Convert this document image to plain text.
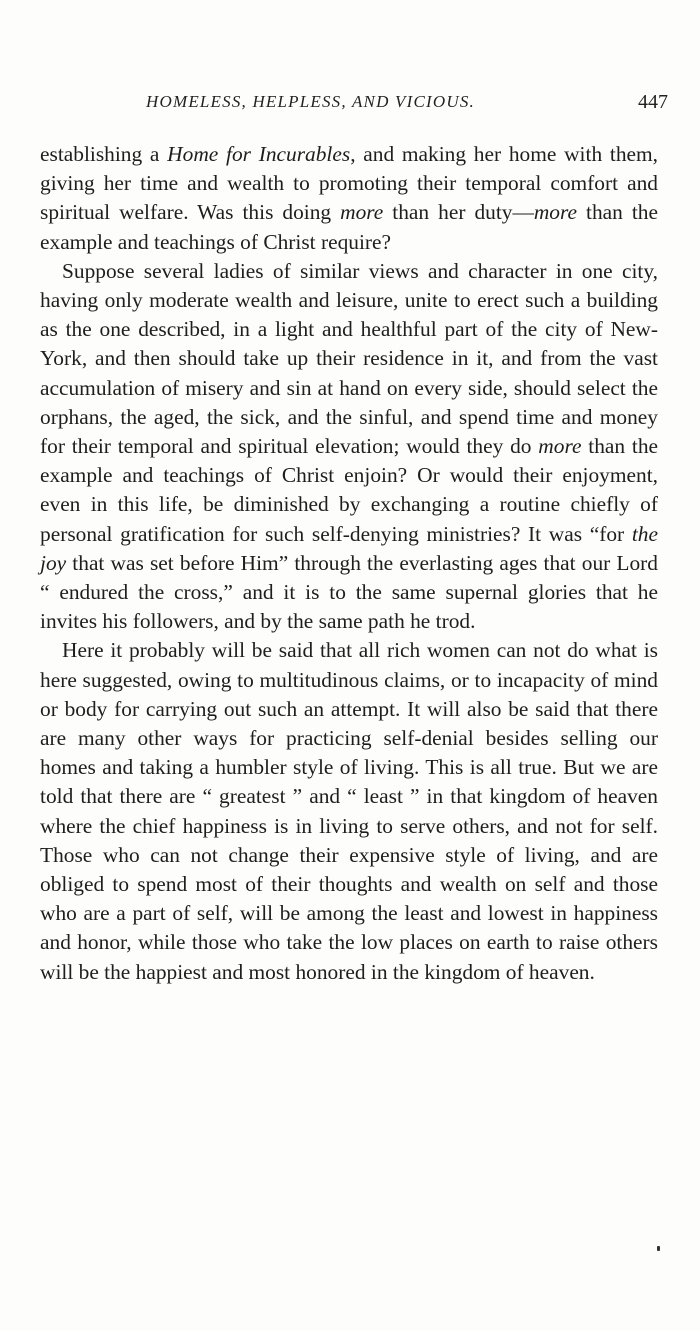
HOMELESS, HELPLESS, AND VICIOUS.	447

establishing a Home for Incurables, and making her home with them, giving her time and wealth to promoting their temporal comfort and spiritual welfare. Was this doing more than her duty—more than the example and teachings of Christ require?

Suppose several ladies of similar views and character in one city, having only moderate wealth and leisure, unite to erect such a building as the one described, in a light and healthful part of the city of New-York, and then should take up their residence in it, and from the vast accumulation of misery and sin at hand on every side, should select the orphans, the aged, the sick, and the sinful, and spend time and money for their temporal and spiritual elevation; would they do more than the example and teachings of Christ enjoin? Or would their enjoyment, even in this life, be diminished by exchanging a routine chiefly of personal gratification for such self-denying ministries? It was “for the joy that was set before Him” through the everlasting ages that our Lord “ endured the cross,” and it is to the same supernal glories that he invites his followers, and by the same path he trod.

Here it probably will be said that all rich women can not do what is here suggested, owing to multitudinous claims, or to incapacity of mind or body for carrying out such an attempt. It will also be said that there are many other ways for practicing self-denial besides selling our homes and taking a humbler style of living. This is all true. But we are told that there are “ greatest ” and “ least ” in that kingdom of heaven where the chief happiness is in living to serve others, and not for self. Those who can not change their expensive style of living, and are obliged to spend most of their thoughts and wealth on self and those who are a part of self, will be among the least and lowest in happiness and honor, while those who take the low places on earth to raise others will be the happiest and most honored in the kingdom of heaven.
